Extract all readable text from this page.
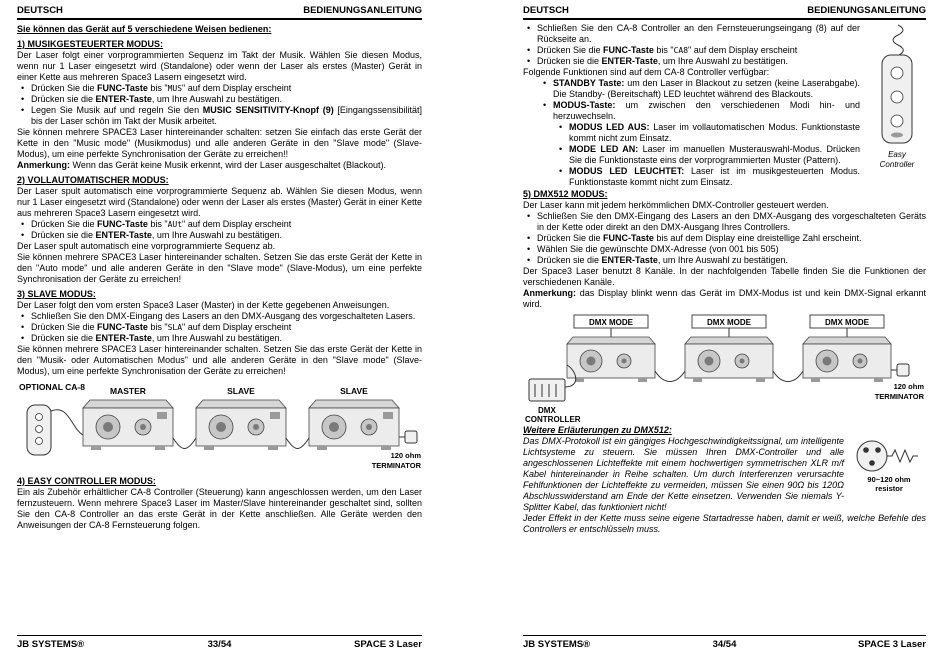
DEUTSCH	BEDIENUNGSANLEITUNG
Sie können das Gerät auf 5 verschiedene Weisen bedienen:
1) MUSIKGESTEUERTER MODUS:
Der Laser folgt einer vorprogrammierten Sequenz im Takt der Musik. Wählen Sie diesen Modus, wenn nur 1 Laser eingesetzt wird (Standalone) oder wenn der Laser als erstes (Master) Gerät in einer Kette aus mehreren Space3 Lasern eingesetzt wird.
• Drücken Sie die FUNC-Taste bis "MUS" auf dem Display erscheint
• Drücken sie die ENTER-Taste, um Ihre Auswahl zu bestätigen.
• Legen Sie Musik auf und regeln Sie den MUSIC SENSITIVITY-Knopf (9) [Eingangssensibilität] bis der Laser schön im Takt der Musik arbeitet.
Sie können mehrere SPACE3 Laser hintereinander schalten: setzen Sie einfach das erste Gerät der Kette in den "Music mode" (Musikmodus) und alle anderen Geräte in den "Slave mode" (Slave-Modus), um eine perfekte Synchronisation der Geräte zu erreichen!!
Anmerkung: Wenn das Gerät keine Musik erkennt, wird der Laser ausgeschaltet (Blackout).
2) VOLLAUTOMATISCHER MODUS:
Der Laser spult automatisch eine vorprogrammierte Sequenz ab. Wählen Sie diesen Modus, wenn nur 1 Laser eingesetzt wird (Standalone) oder wenn der Laser als erstes (Master) Gerät in einer Kette aus mehreren Space3 Lasern eingesetzt wird.
• Drücken Sie die FUNC-Taste bis "AUt" auf dem Display erscheint
• Drücken sie die ENTER-Taste, um Ihre Auswahl zu bestätigen.
Der Laser spult automatisch eine vorprogrammierte Sequenz ab.
Sie können mehrere SPACE3 Laser hintereinander schalten. Setzen Sie das erste Gerät der Kette in den "Auto mode" und alle anderen Geräte in den "Slave mode" (Slave-Modus), um eine perfekte Synchronisation der Geräte zu erreichen!
3) SLAVE MODUS:
Der Laser folgt den vom ersten Space3 Laser (Master) in der Kette gegebenen Anweisungen.
• Schließen Sie den DMX-Eingang des Lasers an den DMX-Ausgang des vorgeschalteten Lasers.
• Drücken Sie die FUNC-Taste bis "SLA" auf dem Display erscheint
• Drücken sie die ENTER-Taste, um Ihre Auswahl zu bestätigen.
Sie können mehrere SPACE3 Laser hintereinander schalten. Setzen Sie das erste Gerät der Kette in den "Musik- oder Automatischen Modus" und alle anderen Geräte in den "Slave mode" (Slave-Modus), um eine perfekte Synchronisation der Geräte zu erreichen!
OPTIONAL CA-8	MASTER	SLAVE	SLAVE
120 ohm
TERMINATOR
4) EASY CONTROLLER MODUS:
Ein als Zubehör erhältlicher CA-8 Controller (Steuerung) kann angeschlossen werden, um den Laser fernzusteuern. Wenn mehrere Space3 Laser im Master/Slave hintereinander geschaltet sind, sollten Sie den CA-8 Controller an das erste Gerät in der Kette anschließen. Alle Geräte werden den Anweisungen der CA-8 Fernsteuerung folgen.
JB SYSTEMS®	33/54	SPACE 3 Laser
DEUTSCH	BEDIENUNGSANLEITUNG
Easy
Controller
• Schließen Sie den CA-8 Controller an den Fernsteuerungseingang (8) auf der Rückseite an.
• Drücken Sie die FUNC-Taste bis "CA8" auf dem Display erscheint
• Drücken sie die ENTER-Taste, um Ihre Auswahl zu bestätigen.
Folgende Funktionen sind auf dem CA-8 Controller verfügbar:
• STANDBY Taste: um den Laser in Blackout zu setzen (keine Laserabgabe). Die Standby- (Bereitschaft) LED leuchtet während des Blackouts.
• MODUS-Taste: um zwischen den verschiedenen Modi hin- und herzuwechseln.
• MODUS LED AUS: Laser im vollautomatischen Modus. Funktionstaste kommt nicht zum Einsatz.
• MODE LED AN: Laser im manuellen Musterauswahl-Modus. Drücken Sie die Funktionstaste eins der vorprogrammierten Muster (Pattern).
• MODUS LED LEUCHTET: Laser ist im musikgesteuerten Modus. Funktionstaste kommt nicht zum Einsatz.
5) DMX512 MODUS:
Der Laser kann mit jedem herkömmlichen DMX-Controller gesteuert werden.
• Schließen Sie den DMX-Eingang des Lasers an den DMX-Ausgang des vorgeschalteten Geräts in der Kette oder direkt an den DMX-Ausgang Ihres Controllers.
• Drücken Sie die FUNC-Taste bis auf dem Display eine dreistellige Zahl erscheint.
• Wählen Sie die gewünschte DMX-Adresse (von 001 bis 505)
• Drücken sie die ENTER-Taste, um Ihre Auswahl zu bestätigen.
Der Space3 Laser benutzt 8 Kanäle. In der nachfolgenden Tabelle finden Sie die Funktionen der verschiedenen Kanäle.
Anmerkung: das Display blinkt wenn das Gerät im DMX-Modus ist und kein DMX-Signal erkannt wird.
DMX MODE	DMX MODE	DMX MODE
DMX
CONTROLLER
120 ohm
TERMINATOR
Weitere Erläuterungen zu DMX512:
90~120 ohm
resistor
Das DMX-Protokoll ist ein gängiges Hochgeschwindigkeitssignal, um intelligente Lichtsysteme zu steuern. Sie müssen Ihren DMX-Controller und alle angeschlossenen Lichteffekte mit einem hochwertigen symmetrischen XLR m/f Kabel hintereinander in Reihe schalten. Um durch Interferenzen verursachte Fehlfunktionen der Lichteffekte zu vermeiden, müssen Sie einen 90Ω bis 120Ω Abschlusswiderstand am Ende der Kette einsetzen. Verwenden Sie niemals Y-Splitter Kabel, das funktioniert nicht!
Jeder Effekt in der Kette muss seine eigene Startadresse haben, damit er weiß, welche Befehle des Controllers er entschlüsseln muss.
JB SYSTEMS®	34/54	SPACE 3 Laser
